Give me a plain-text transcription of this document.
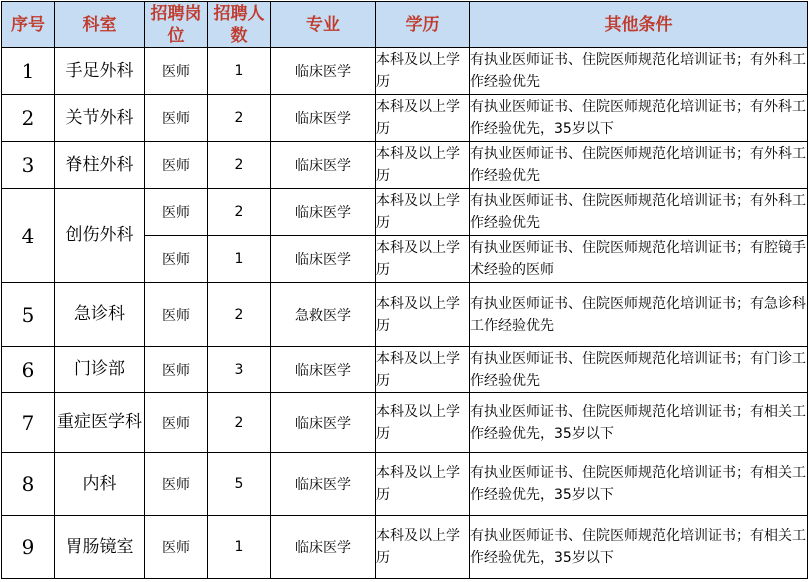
序号	科室	招聘岗位	招聘人数	专业	学历	其他条件
1	手足外科	医师	1	临床医学	本科及以上学历	有执业医师证书、住院医师规范化培训证书；有外科工作经验优先
2	关节外科	医师	2	临床医学	本科及以上学历	有执业医师证书、住院医师规范化培训证书；有外科工作经验优先，35岁以下
3	脊柱外科	医师	2	临床医学	本科及以上学历	有执业医师证书、住院医师规范化培训证书；有外科工作经验优先
4	创伤外科	医师	2	临床医学	本科及以上学历	有执业医师证书、住院医师规范化培训证书；有外科工作经验优先
		医师	1	临床医学	本科及以上学历	有执业医师证书、住院医师规范化培训证书；有腔镜手术经验的医师
5	急诊科	医师	2	急救医学	本科及以上学历	有执业医师证书、住院医师规范化培训证书；有急诊科工作经验优先
6	门诊部	医师	3	临床医学	本科及以上学历	有执业医师证书、住院医师规范化培训证书；有门诊工作经验优先
7	重症医学科	医师	2	临床医学	本科及以上学历	有执业医师证书、住院医师规范化培训证书；有相关工作经验优先，35岁以下
8	内科	医师	5	临床医学	本科及以上学历	有执业医师证书、住院医师规范化培训证书；有相关工作经验优先，35岁以下
9	胃肠镜室	医师	1	临床医学	本科及以上学历	有执业医师证书、住院医师规范化培训证书；有相关工作经验优先，35岁以下
